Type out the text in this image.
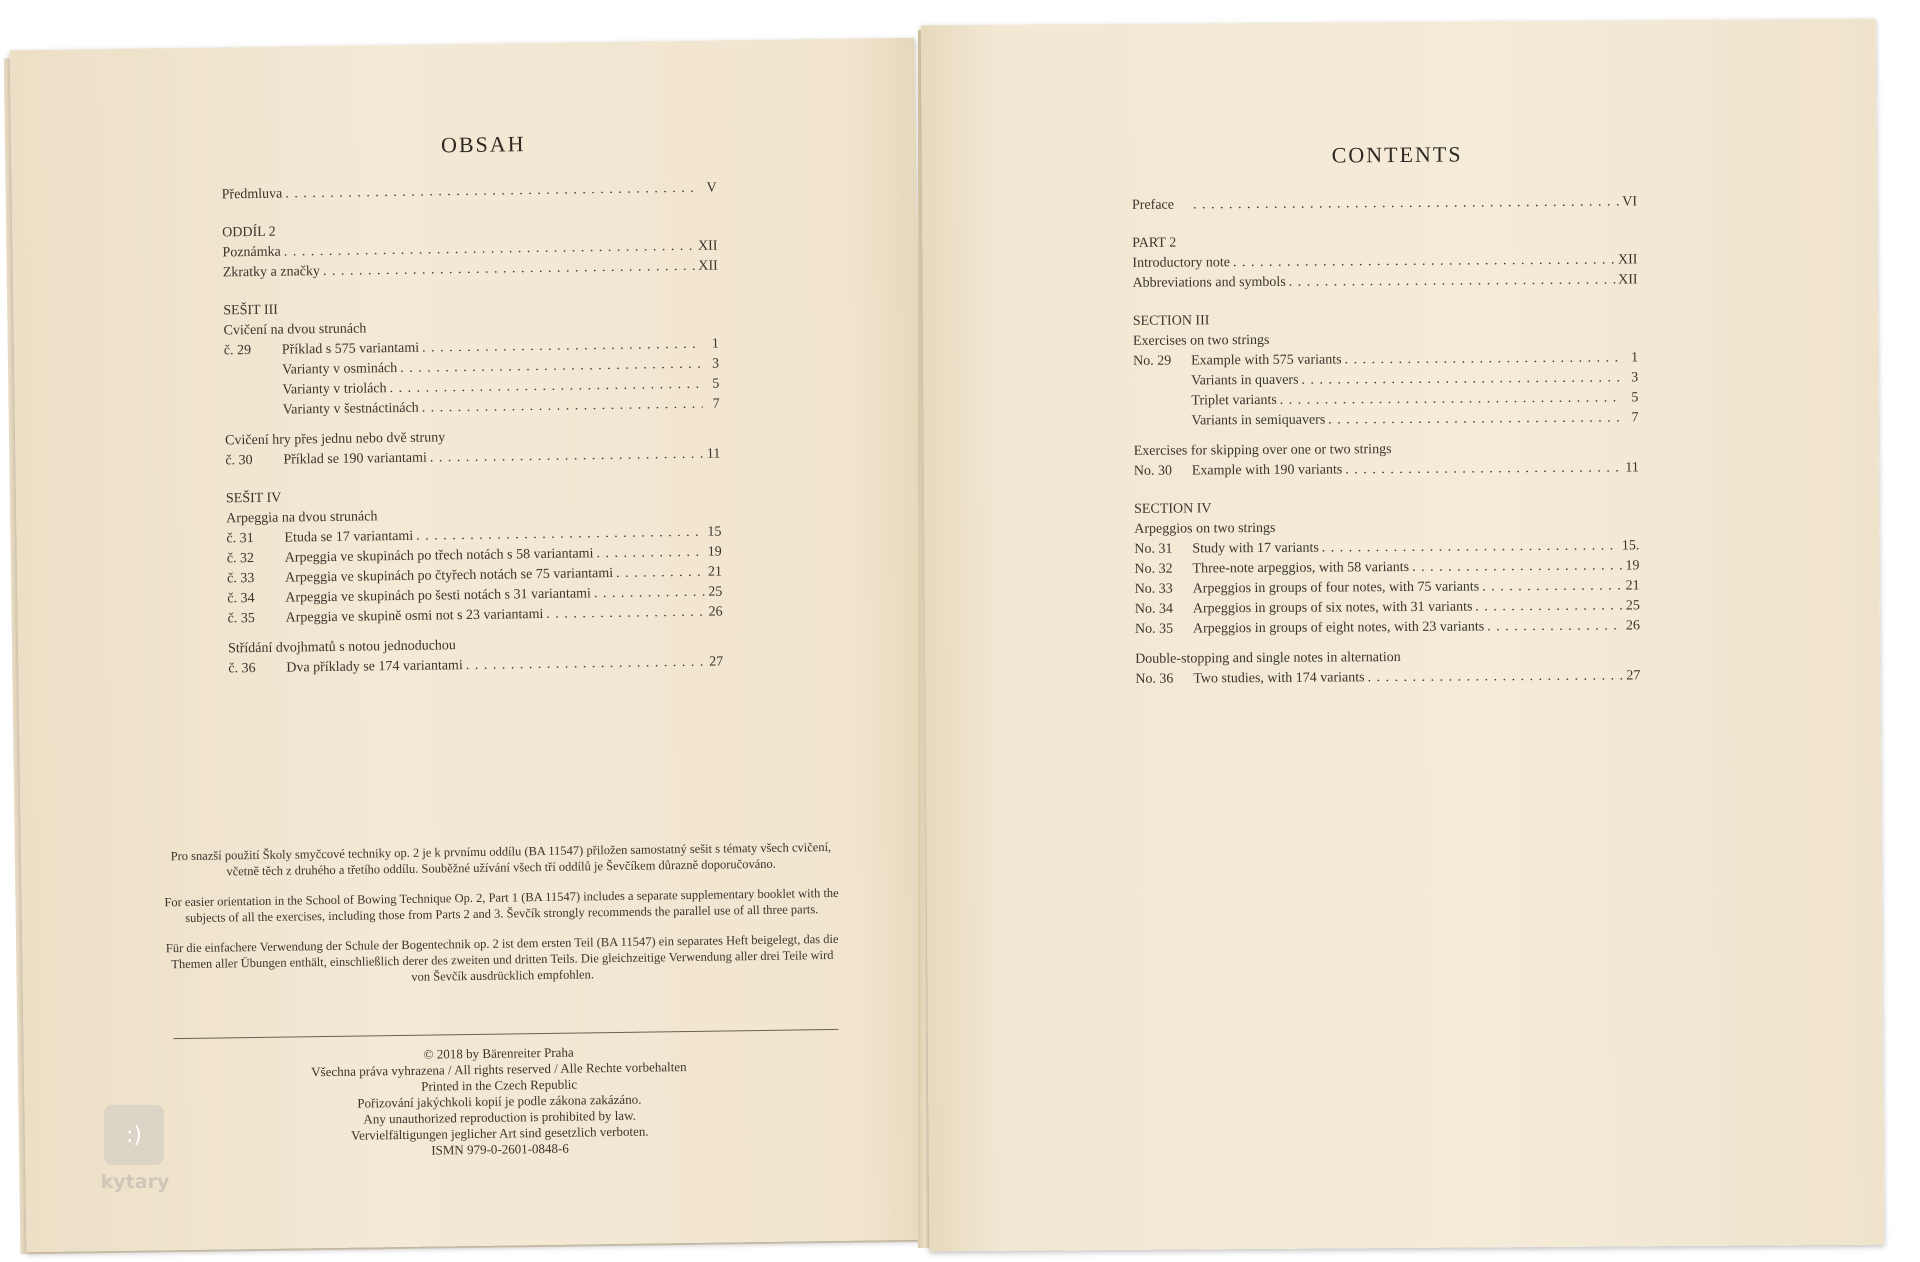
OBSAH
Předmluva . . .	V
ODDÍL 2
Poznámka . . .	XII
Zkratky a značky . . .	XII
SEŠIT III
Cvičení na dvou strunách
č. 29	Příklad s 575 variantami . . .	1
Varianty v osminách . . .	3
Varianty v triolách . . .	5
Varianty v šestnáctinách . . .	7
Cvičení hry přes jednu nebo dvě struny
č. 30	Příklad se 190 variantami . . .	11
SEŠIT IV
Arpeggia na dvou strunách
č. 31	Etuda se 17 variantami . . .	15
č. 32	Arpeggia ve skupinách po třech notách s 58 variantami . . .	19
č. 33	Arpeggia ve skupinách po čtyřech notách se 75 variantami . . .	21
č. 34	Arpeggia ve skupinách po šesti notách s 31 variantami . . .	25
č. 35	Arpeggia ve skupině osmi not s 23 variantami . . .	26
Střídání dvojhmatů s notou jednoduchou
č. 36	Dva příklady se 174 variantami . . .	27

Pro snazší použití Školy smyčcové techniky op. 2 je k prvnímu oddílu (BA 11547) přiložen samostatný sešit s tématy všech cvičení, včetně těch z druhého a třetího oddílu. Souběžné užívání všech tří oddílů je Ševčíkem důrazně doporučováno.

For easier orientation in the School of Bowing Technique Op. 2, Part 1 (BA 11547) includes a separate supplementary booklet with the subjects of all the exercises, including those from Parts 2 and 3. Ševčík strongly recommends the parallel use of all three parts.

Für die einfachere Verwendung der Schule der Bogentechnik op. 2 ist dem ersten Teil (BA 11547) ein separates Heft beigelegt, das die Themen aller Übungen enthält, einschließlich derer des zweiten und dritten Teils. Die gleichzeitige Verwendung aller drei Teile wird von Ševčík ausdrücklich empfohlen.

© 2018 by Bärenreiter Praha
Všechna práva vyhrazena / All rights reserved / Alle Rechte vorbehalten
Printed in the Czech Republic
Pořizování jakýchkoli kopií je podle zákona zakázáno.
Any unauthorized reproduction is prohibited by law.
Vervielfältigungen jeglicher Art sind gesetzlich verboten.
ISMN 979-0-2601-0848-6
CONTENTS
Preface . . .	VI
PART 2
Introductory note . . .	XII
Abbreviations and symbols . . .	XII
SECTION III
Exercises on two strings
No. 29	Example with 575 variants . . .	1
Variants in quavers . . .	3
Triplet variants . . .	5
Variants in semiquavers . . .	7
Exercises for skipping over one or two strings
No. 30	Example with 190 variants . . .	11
SECTION IV
Arpeggios on two strings
No. 31	Study with 17 variants . . .	15.
No. 32	Three-note arpeggios, with 58 variants . . .	19
No. 33	Arpeggios in groups of four notes, with 75 variants . . .	21
No. 34	Arpeggios in groups of six notes, with 31 variants . . .	25
No. 35	Arpeggios in groups of eight notes, with 23 variants . . .	26
Double-stopping and single notes in alternation
No. 36	Two studies, with 174 variants . . .	27
:)
kytary
